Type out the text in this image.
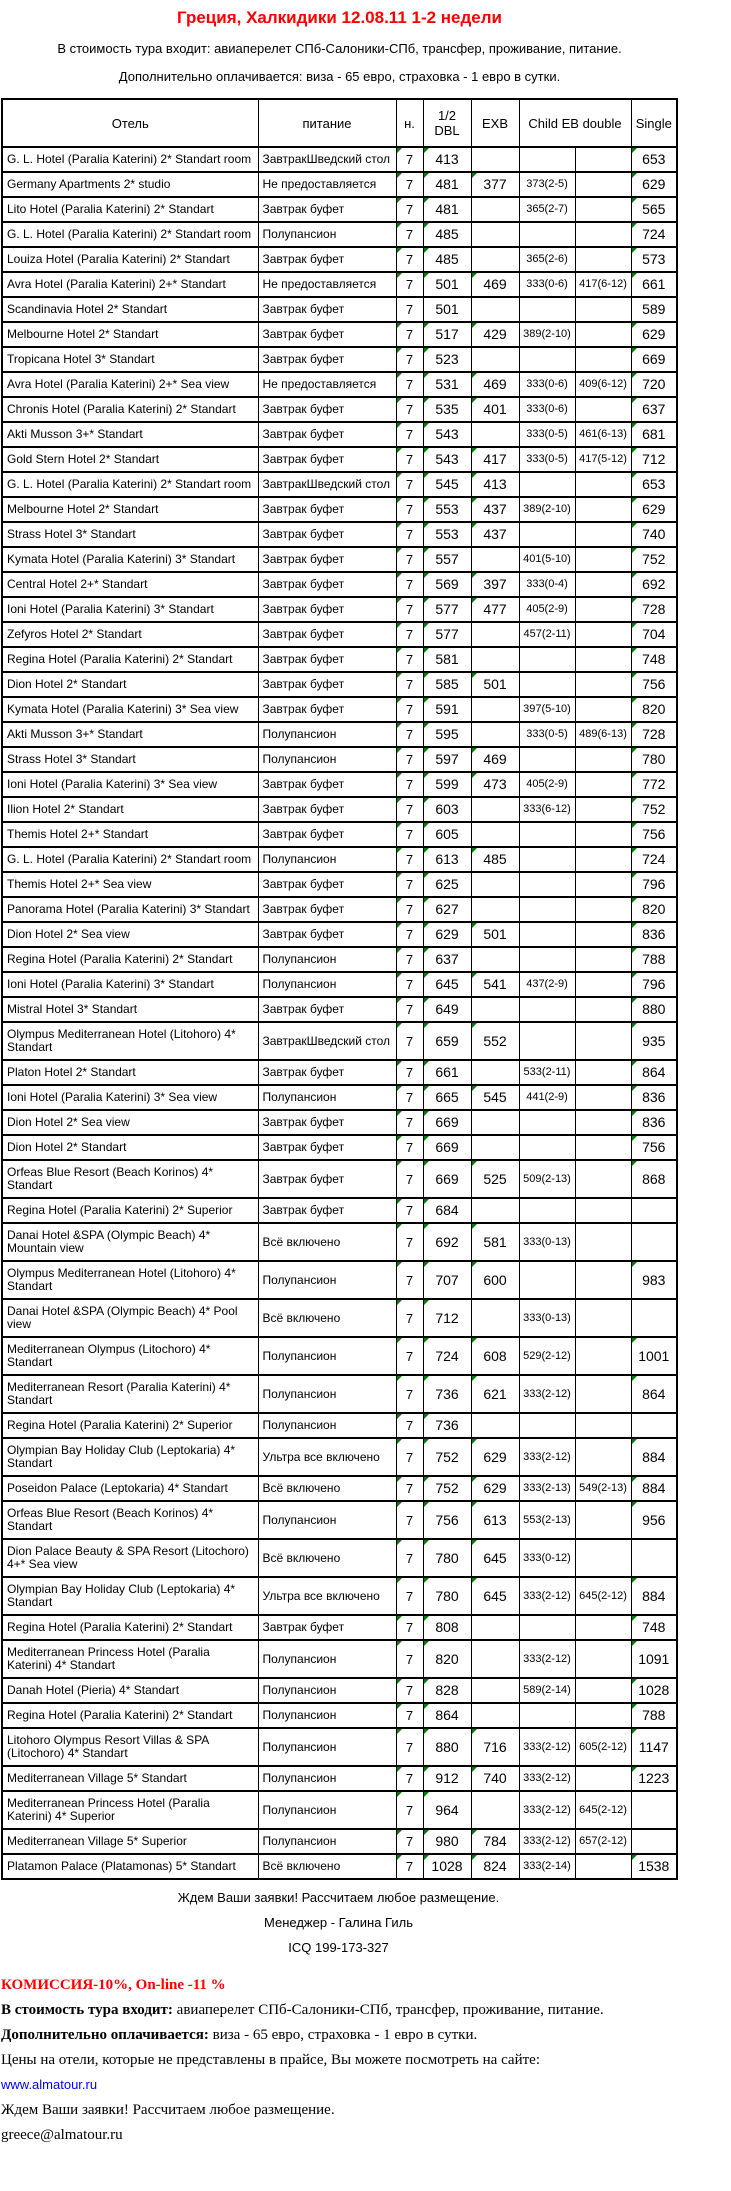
Греция, Халкидики 12.08.11 1-2 недели

В стоимость тура входит: авиаперелет СПб-Салоники-СПб, трансфер, проживание, питание.

Дополнительно оплачивается: виза - 65 евро, страховка - 1 евро в сутки.

Отель	питание	н.	1/2 DBL	EXB	Child EB double		Single
G. L. Hotel (Paralia Katerini) 2* Standart room	ЗавтракШведский стол	7	413				653
Germany Apartments 2* studio	Не предоставляется	7	481	377	373(2-5)		629
Lito Hotel (Paralia Katerini) 2* Standart	Завтрак буфет	7	481		365(2-7)		565
G. L. Hotel (Paralia Katerini) 2* Standart room	Полупансион	7	485				724
Louiza Hotel (Paralia Katerini) 2* Standart	Завтрак буфет	7	485		365(2-6)		573
Avra Hotel (Paralia Katerini) 2+* Standart	Не предоставляется	7	501	469	333(0-6)	417(6-12)	661
Scandinavia Hotel 2* Standart	Завтрак буфет	7	501				589
Melbourne Hotel 2* Standart	Завтрак буфет	7	517	429	389(2-10)		629
Tropicana Hotel 3* Standart	Завтрак буфет	7	523				669
Avra Hotel (Paralia Katerini) 2+* Sea view	Не предоставляется	7	531	469	333(0-6)	409(6-12)	720
Chronis Hotel (Paralia Katerini) 2* Standart	Завтрак буфет	7	535	401	333(0-6)		637
Akti Musson 3+* Standart	Завтрак буфет	7	543		333(0-5)	461(6-13)	681
Gold Stern Hotel 2* Standart	Завтрак буфет	7	543	417	333(0-5)	417(5-12)	712
G. L. Hotel (Paralia Katerini) 2* Standart room	ЗавтракШведский стол	7	545	413			653
Melbourne Hotel 2* Standart	Завтрак буфет	7	553	437	389(2-10)		629
Strass Hotel 3* Standart	Завтрак буфет	7	553	437			740
Kymata Hotel (Paralia Katerini) 3* Standart	Завтрак буфет	7	557		401(5-10)		752
Central Hotel 2+* Standart	Завтрак буфет	7	569	397	333(0-4)		692
Ioni Hotel (Paralia Katerini) 3* Standart	Завтрак буфет	7	577	477	405(2-9)		728
Zefyros Hotel 2* Standart	Завтрак буфет	7	577		457(2-11)		704
Regina Hotel (Paralia Katerini) 2* Standart	Завтрак буфет	7	581				748
Dion Hotel 2* Standart	Завтрак буфет	7	585	501			756
Kymata Hotel (Paralia Katerini) 3* Sea view	Завтрак буфет	7	591		397(5-10)		820
Akti Musson 3+* Standart	Полупансион	7	595		333(0-5)	489(6-13)	728
Strass Hotel 3* Standart	Полупансион	7	597	469			780
Ioni Hotel (Paralia Katerini) 3* Sea view	Завтрак буфет	7	599	473	405(2-9)		772
Ilion Hotel 2* Standart	Завтрак буфет	7	603		333(6-12)		752
Themis Hotel 2+* Standart	Завтрак буфет	7	605				756
G. L. Hotel (Paralia Katerini) 2* Standart room	Полупансион	7	613	485			724
Themis Hotel 2+* Sea view	Завтрак буфет	7	625				796
Panorama Hotel (Paralia Katerini) 3* Standart	Завтрак буфет	7	627				820
Dion Hotel 2* Sea view	Завтрак буфет	7	629	501			836
Regina Hotel (Paralia Katerini) 2* Standart	Полупансион	7	637				788
Ioni Hotel (Paralia Katerini) 3* Standart	Полупансион	7	645	541	437(2-9)		796
Mistral Hotel 3* Standart	Завтрак буфет	7	649				880
Olympus Mediterranean Hotel (Litohoro) 4* Standart	ЗавтракШведский стол	7	659	552			935
Platon Hotel 2* Standart	Завтрак буфет	7	661		533(2-11)		864
Ioni Hotel (Paralia Katerini) 3* Sea view	Полупансион	7	665	545	441(2-9)		836
Dion Hotel 2* Sea view	Завтрак буфет	7	669				836
Dion Hotel 2* Standart	Завтрак буфет	7	669				756
Orfeas Blue Resort (Beach Korinos) 4* Standart	Завтрак буфет	7	669	525	509(2-13)		868
Regina Hotel (Paralia Katerini) 2* Superior	Завтрак буфет	7	684				
Danai Hotel &SPA (Olympic Beach) 4* Mountain view	Всё включено	7	692	581	333(0-13)		
Olympus Mediterranean Hotel (Litohoro) 4* Standart	Полупансион	7	707	600			983
Danai Hotel &SPA (Olympic Beach) 4* Pool view	Всё включено	7	712		333(0-13)		
Mediterranean Olympus (Litochoro) 4* Standart	Полупансион	7	724	608	529(2-12)		1001
Mediterranean Resort (Paralia Katerini) 4* Standart	Полупансион	7	736	621	333(2-12)		864
Regina Hotel (Paralia Katerini) 2* Superior	Полупансион	7	736				
Olympian Bay Holiday Club (Leptokaria) 4* Standart	Ультра все включено	7	752	629	333(2-12)		884
Poseidon Palace (Leptokaria) 4* Standart	Всё включено	7	752	629	333(2-13)	549(2-13)	884
Orfeas Blue Resort (Beach Korinos) 4* Standart	Полупансион	7	756	613	553(2-13)		956
Dion Palace Beauty & SPA Resort (Litochoro) 4+* Sea view	Всё включено	7	780	645	333(0-12)		
Olympian Bay Holiday Club (Leptokaria) 4* Standart	Ультра все включено	7	780	645	333(2-12)	645(2-12)	884
Regina Hotel (Paralia Katerini) 2* Standart	Завтрак буфет	7	808				748
Mediterranean Princess Hotel (Paralia Katerini) 4* Standart	Полупансион	7	820		333(2-12)		1091
Danah Hotel (Pieria) 4* Standart	Полупансион	7	828		589(2-14)		1028
Regina Hotel (Paralia Katerini) 2* Standart	Полупансион	7	864				788
Litohoro Olympus Resort Villas & SPA (Litochoro) 4* Standart	Полупансион	7	880	716	333(2-12)	605(2-12)	1147
Mediterranean Village 5* Standart	Полупансион	7	912	740	333(2-12)		1223
Mediterranean Princess Hotel (Paralia Katerini) 4* Superior	Полупансион	7	964		333(2-12)	645(2-12)	
Mediterranean Village 5* Superior	Полупансион	7	980	784	333(2-12)	657(2-12)	
Platamon Palace (Platamonas) 5* Standart	Всё включено	7	1028	824	333(2-14)		1538

Ждем Ваши заявки! Рассчитаем любое размещение.

Менеджер - Галина Гиль

ICQ 199-173-327

КОМИССИЯ-10%, On-line -11 %

В стоимость тура входит: авиаперелет СПб-Салоники-СПб, трансфер, проживание, питание.

Дополнительно оплачивается: виза - 65 евро, страховка - 1 евро в сутки.

Цены на отели, которые не представлены в прайсе, Вы можете посмотреть на сайте:

www.almatour.ru

Ждем Ваши заявки! Рассчитаем любое размещение.

greece@almatour.ru
